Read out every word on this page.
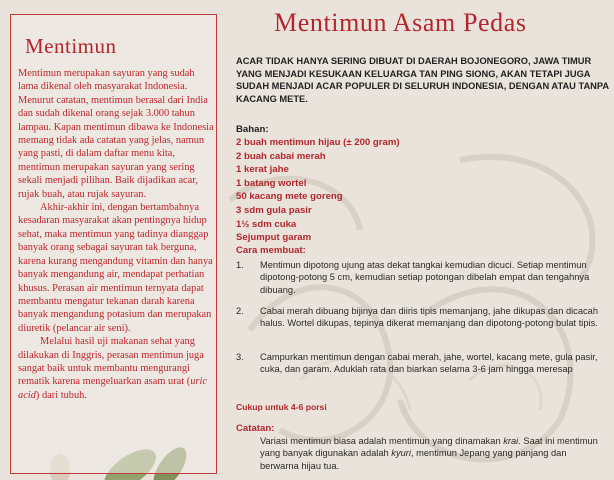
Mentimun

Mentimun merupakan sayuran yang sudah lama dikenal oleh masyarakat Indonesia. Menurut catatan, mentimun berasal dari India dan sudah dikenal orang sejak 3.000 tahun lampau. Kapan mentimun dibawa ke Indonesia memang tidak ada catatan yang jelas, namun yang pasti, di dalam daftar menu kita, mentimun merupakan sayuran yang sering sekali menjadi pilihan. Baik dijadikan acar, rujak buah, atau rujak sayuran.

Akhir-akhir ini, dengan bertambahnya kesadaran masyarakat akan pentingnya hidup sehat, maka mentimun yang tadinya dianggap banyak orang sebagai sayuran tak berguna, karena kurang mengandung vitamin dan hanya banyak mengandung air, mendapat perhatian khusus. Perasan air mentimun ternyata dapat membantu mengatur tekanan darah karena banyak mengandung potasium dan merupakan diuretik (pelancar air seni).

Melalui hasil uji makanan sehat yang dilakukan di Inggris, perasan mentimun juga sangat baik untuk membantu mengurangi rematik karena mengeluarkan asam urat (uric acid) dari tubuh.

Mentimun Asam Pedas
ACAR TIDAK HANYA SERING DIBUAT DI DAERAH BOJONEGORO, JAWA TIMUR
YANG MENJADI KESUKAAN KELUARGA TAN PING SIONG, AKAN TETAPI JUGA
SUDAH MENJADI ACAR POPULER DI SELURUH INDONESIA, DENGAN ATAU TANPA
KACANG METE.
Bahan:
2 buah mentimun hijau (± 200 gram)
2 buah cabai merah
1 kerat jahe
1 batang wortel
50 kacang mete goreng
3 sdm gula pasir
1½ sdm cuka
Sejumput garam
Cara membuat:
1. Mentimun dipotong ujung atas dekat tangkai kemudian dicuci. Setiap mentimun dipotong-potong 5 cm, kemudian setiap potongan dibelah empat dan tengahnya dibuang.
2. Cabai merah dibuang bijinya dan diiris tipis memanjang, jahe dikupas dan dicacah halus. Wortel dikupas, tepinya dikerat memanjang dan dipotong-potong bulat tipis.
3. Campurkan mentimun dengan cabai merah, jahe, wortel, kacang mete, gula pasir, cuka, dan garam. Aduklah rata dan biarkan selama 3-6 jam hingga meresap
Cukup untuk 4-6 porsi
Catatan:
Variasi mentimun biasa adalah mentimun yang dinamakan krai. Saat ini mentimun yang banyak digunakan adalah kyuri, mentimun Jepang yang panjang dan berwarna hijau tua.
